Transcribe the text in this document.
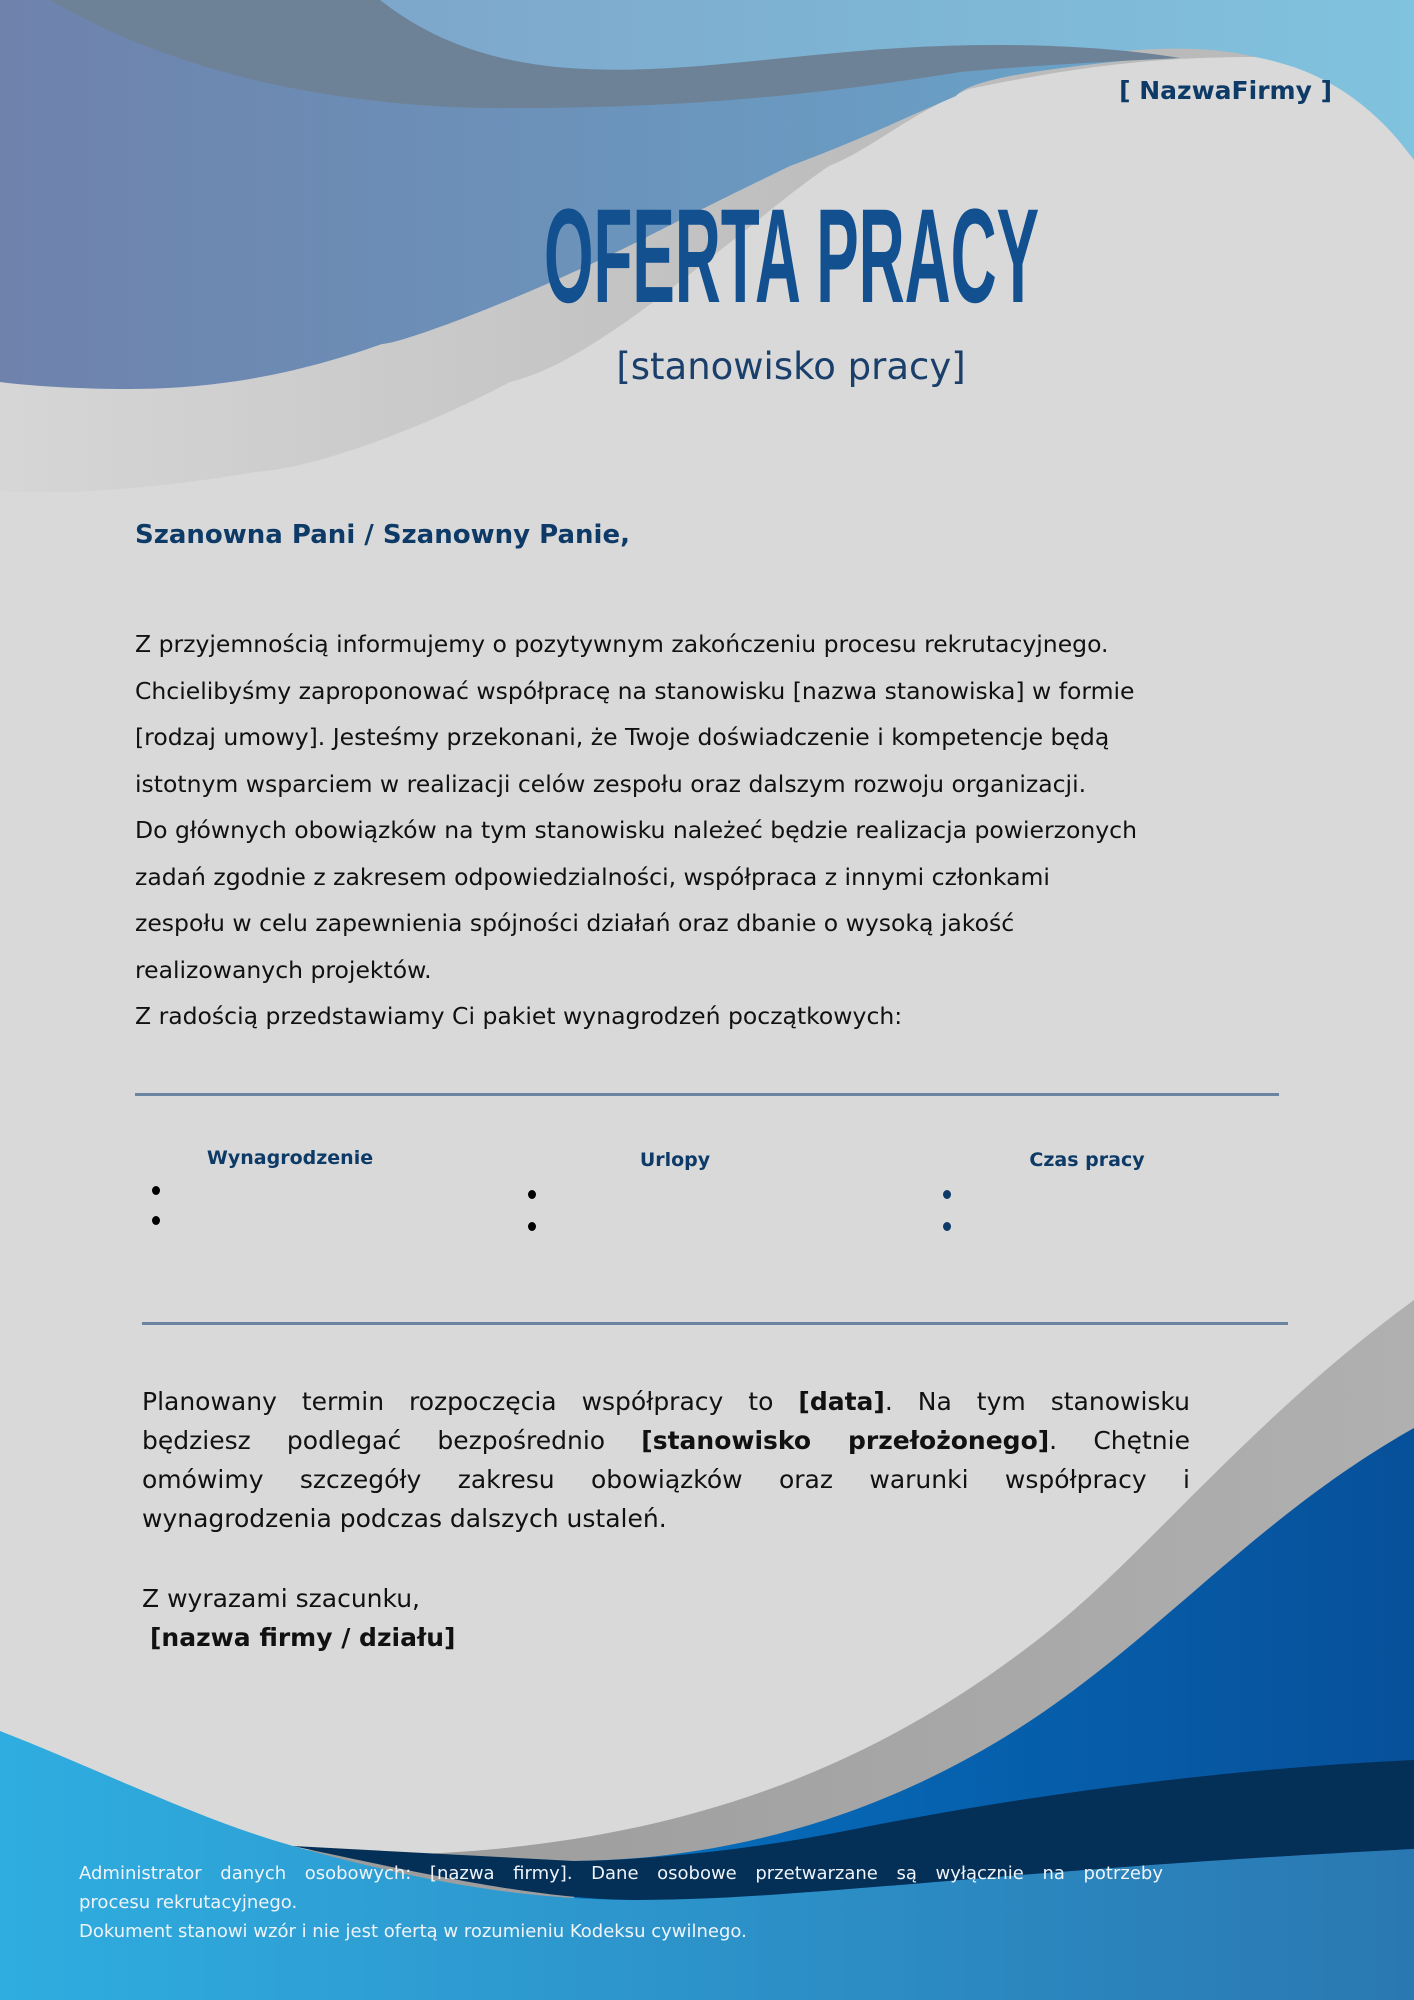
[ NazwaFirmy ]
OFERTA PRACY
[stanowisko pracy]
Szanowna Pani / Szanowny Panie,
Z przyjemnością informujemy o pozytywnym zakończeniu procesu rekrutacyjnego.
Chcielibyśmy zaproponować współpracę na stanowisku [nazwa stanowiska] w formie
[rodzaj umowy]. Jesteśmy przekonani, że Twoje doświadczenie i kompetencje będą
istotnym wsparciem w realizacji celów zespołu oraz dalszym rozwoju organizacji.
Do głównych obowiązków na tym stanowisku należeć będzie realizacja powierzonych
zadań zgodnie z zakresem odpowiedzialności, współpraca z innymi członkami
zespołu w celu zapewnienia spójności działań oraz dbanie o wysoką jakość
realizowanych projektów.
Z radością przedstawiamy Ci pakiet wynagrodzeń początkowych:
Wynagrodzenie	Urlopy	Czas pracy
Planowany termin rozpoczęcia współpracy to [data]. Na tym stanowisku
będziesz podlegać bezpośrednio [stanowisko przełożonego]. Chętnie
omówimy szczegóły zakresu obowiązków oraz warunki współpracy i
wynagrodzenia podczas dalszych ustaleń.
Z wyrazami szacunku,
[nazwa firmy / działu]
Administrator danych osobowych: [nazwa firmy]. Dane osobowe przetwarzane są wyłącznie na potrzeby
procesu rekrutacyjnego.
Dokument stanowi wzór i nie jest ofertą w rozumieniu Kodeksu cywilnego.
